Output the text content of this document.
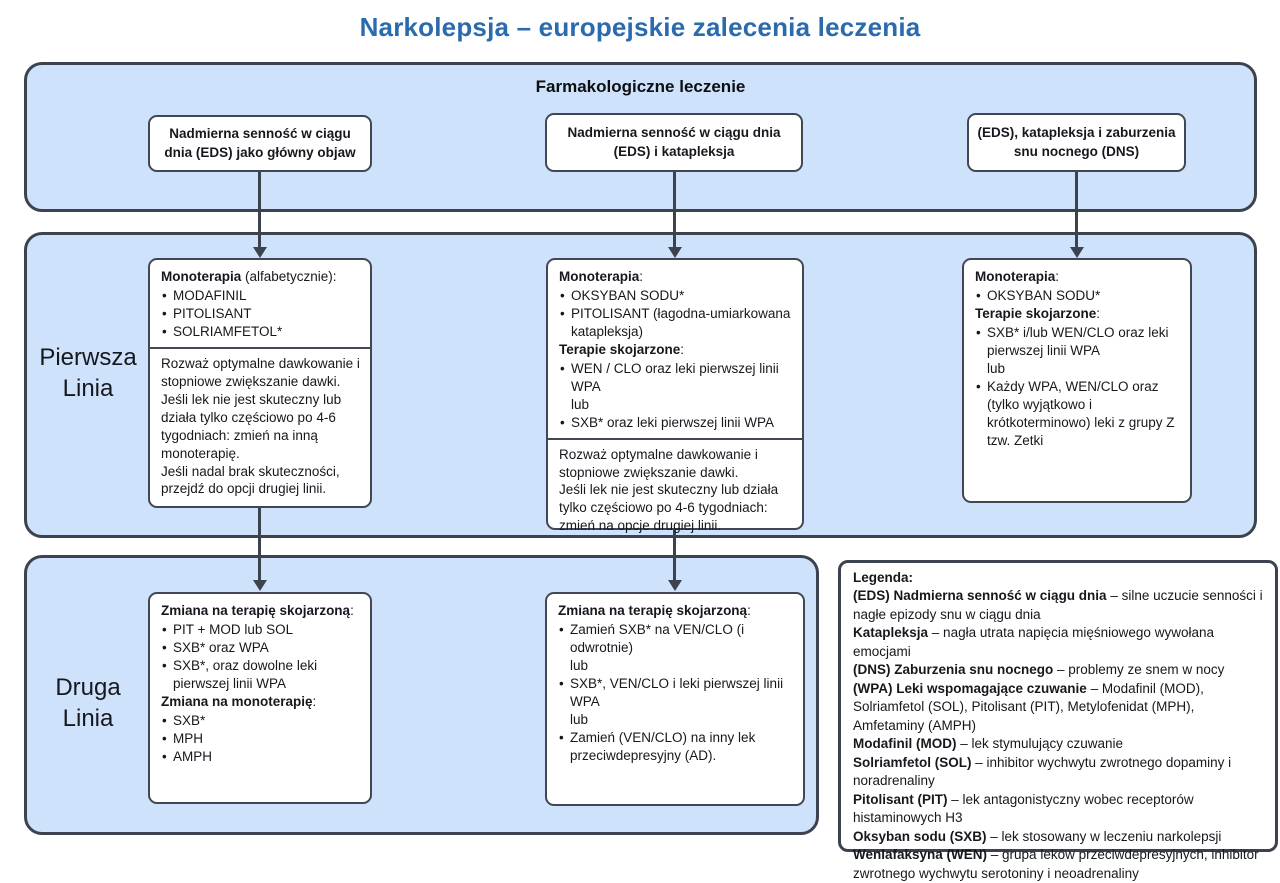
Narkolepsja – europejskie zalecenia leczenia
Farmakologiczne leczenie
Pierwsza Linia
Druga Linia
Nadmierna senność w ciągu dnia (EDS) jako główny objaw
Nadmierna senność w ciągu dnia (EDS) i katapleksja
(EDS), katapleksja i zaburzenia snu nocnego (DNS)
Monoterapia (alfabetycznie):
• MODAFINIL
• PITOLISANT
• SOLRIAMFETOL*
Rozważ optymalne dawkowanie i stopniowe zwiększanie dawki.
Jeśli lek nie jest skuteczny lub działa tylko częściowo po 4-6 tygodniach: zmień na inną monoterapię.
Jeśli nadal brak skuteczności, przejdź do opcji drugiej linii.
Monoterapia:
• OKSYBAN SODU*
• PITOLISANT (łagodna-umiarkowana katapleksja)
Terapie skojarzone:
• WEN / CLO oraz leki pierwszej linii WPA
lub
• SXB* oraz leki pierwszej linii WPA
Rozważ optymalne dawkowanie i stopniowe zwiększanie dawki.
Jeśli lek nie jest skuteczny lub działa tylko częściowo po 4-6 tygodniach: zmień na opcje drugiej linii.
Monoterapia:
• OKSYBAN SODU*
Terapie skojarzone:
• SXB* i/lub WEN/CLO oraz leki pierwszej linii WPA
lub
• Każdy WPA, WEN/CLO oraz (tylko wyjątkowo i krótkoterminowo) leki z grupy Z tzw. Zetki
Zmiana na terapię skojarzoną:
• PIT + MOD lub SOL
• SXB* oraz WPA
• SXB*, oraz dowolne leki pierwszej linii WPA
Zmiana na monoterapię:
• SXB*
• MPH
• AMPH
Zmiana na terapię skojarzoną:
• Zamień SXB* na VEN/CLO (i odwrotnie)
lub
• SXB*, VEN/CLO i leki pierwszej linii WPA
lub
• Zamień (VEN/CLO) na inny lek przeciwdepresyjny (AD).
Legenda:
(EDS) Nadmierna senność w ciągu dnia – silne uczucie senności i nagłe epizody snu w ciągu dnia
Katapleksja – nagła utrata napięcia mięśniowego wywołana emocjami
(DNS) Zaburzenia snu nocnego – problemy ze snem w nocy
(WPA) Leki wspomagające czuwanie – Modafinil (MOD), Solriamfetol (SOL), Pitolisant (PIT), Metylofenidat (MPH), Amfetaminy (AMPH)
Modafinil (MOD) – lek stymulujący czuwanie
Solriamfetol (SOL) – inhibitor wychwytu zwrotnego dopaminy i noradrenaliny
Pitolisant (PIT) – lek antagonistyczny wobec receptorów histaminowych H3
Oksyban sodu (SXB) – lek stosowany w leczeniu narkolepsji
Wenlafaksyna (WEN) – grupa leków przeciwdepresyjnych, inhibitor zwrotnego wychwytu serotoniny i neoadrenaliny
